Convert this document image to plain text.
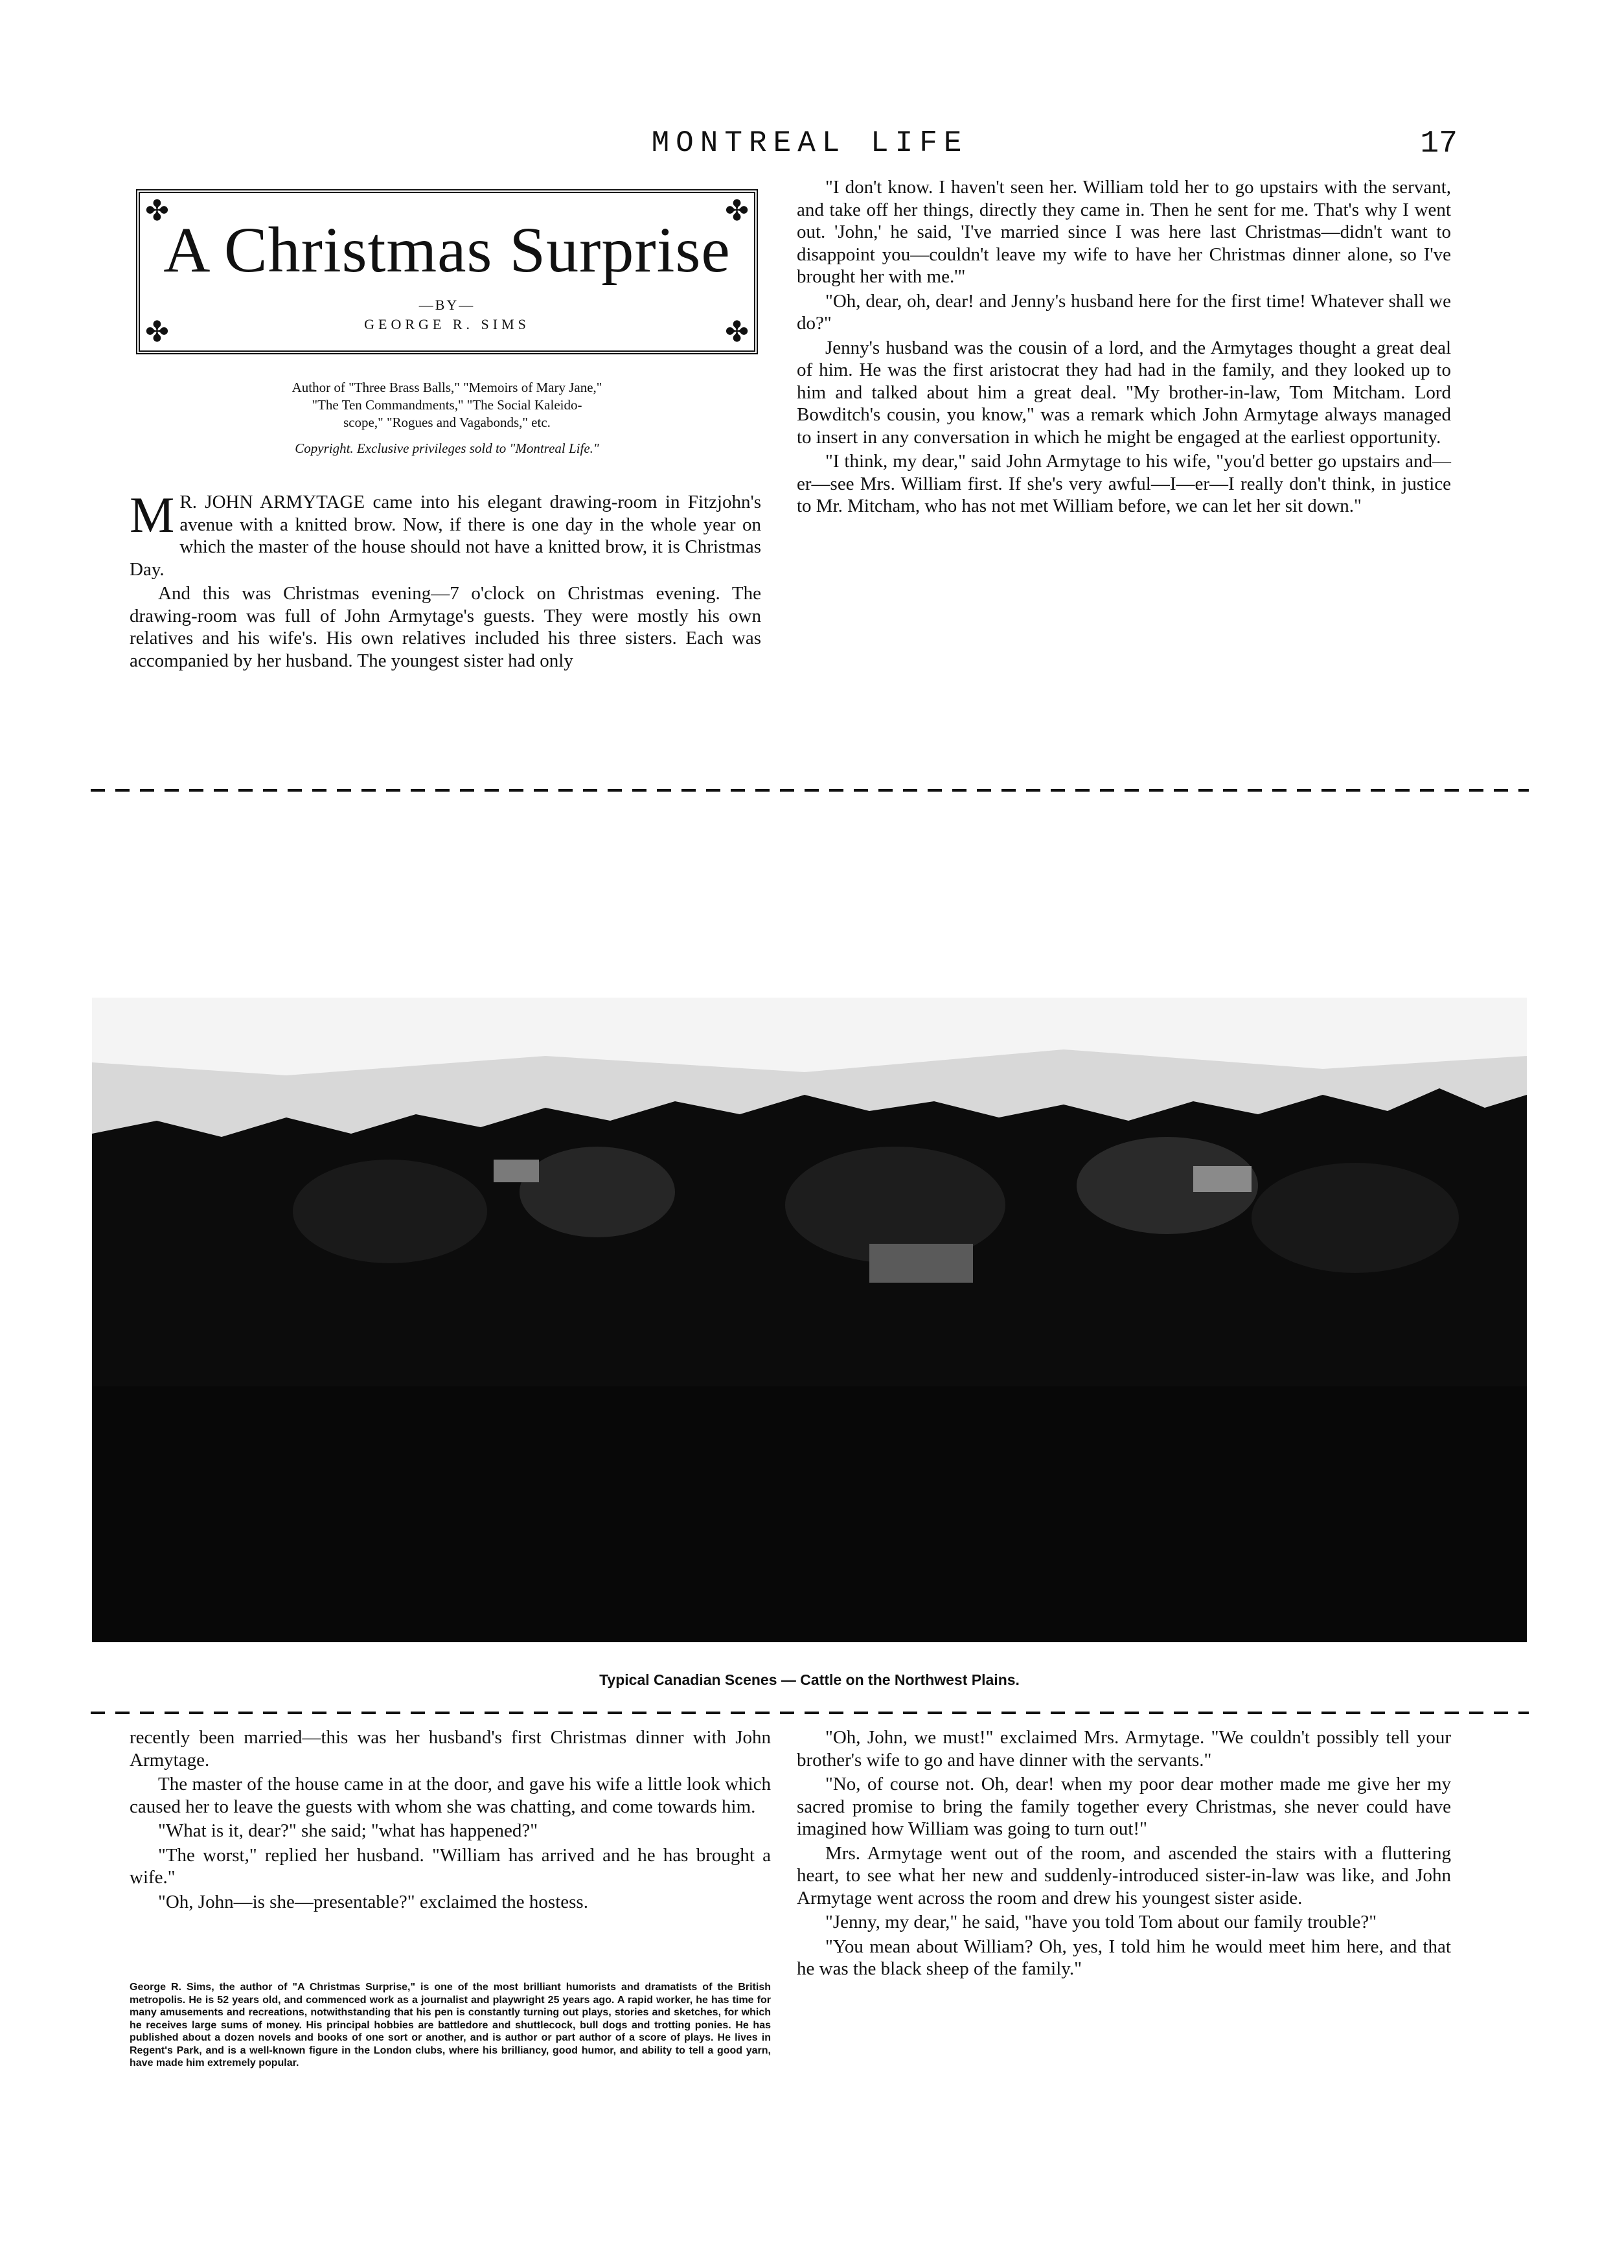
MONTREAL LIFE	17
✤	✤
✤	✤
A Christmas Surprise
—BY—
GEORGE R. SIMS
Author of "Three Brass Balls," "Memoirs of Mary Jane,"
"The Ten Commandments," "The Social Kaleido-
scope," "Rogues and Vagabonds," etc.
Copyright. Exclusive privileges sold to "Montreal Life."

M R. JOHN ARMYTAGE came into his elegant drawing-room in Fitzjohn's avenue with a knitted brow. Now, if there is one day in the whole year on which the master of the house should not have a knitted brow, it is Christmas Day.

And this was Christmas evening—7 o'clock on Christmas evening. The drawing-room was full of John Armytage's guests. They were mostly his own relatives and his wife's. His own relatives included his three sisters. Each was accompanied by her husband. The youngest sister had only

"I don't know. I haven't seen her. William told her to go upstairs with the servant, and take off her things, directly they came in. Then he sent for me. That's why I went out. 'John,' he said, 'I've married since I was here last Christmas—didn't want to disappoint you—couldn't leave my wife to have her Christmas dinner alone, so I've brought her with me.'"

"Oh, dear, oh, dear! and Jenny's husband here for the first time! Whatever shall we do?"

Jenny's husband was the cousin of a lord, and the Armytages thought a great deal of him. He was the first aristocrat they had had in the family, and they looked up to him and talked about him a great deal. "My brother-in-law, Tom Mitcham. Lord Bowditch's cousin, you know," was a remark which John Armytage always managed to insert in any conversation in which he might be engaged at the earliest opportunity.

"I think, my dear," said John Armytage to his wife, "you'd better go upstairs and—er—see Mrs. William first. If she's very awful—I—er—I really don't think, in justice to Mr. Mitcham, who has not met William before, we can let her sit down."

Typical Canadian Scenes — Cattle on the Northwest Plains.

recently been married—this was her husband's first Christmas dinner with John Armytage.

The master of the house came in at the door, and gave his wife a little look which caused her to leave the guests with whom she was chatting, and come towards him.

"What is it, dear?" she said; "what has happened?"

"The worst," replied her husband. "William has arrived and he has brought a wife."

"Oh, John—is she—presentable?" exclaimed the hostess.

George R. Sims, the author of "A Christmas Surprise," is one of the most brilliant humorists and dramatists of the British metropolis. He is 52 years old, and commenced work as a journalist and playwright 25 years ago. A rapid worker, he has time for many amusements and recreations, notwithstanding that his pen is constantly turning out plays, stories and sketches, for which he receives large sums of money. His principal hobbies are battledore and shuttlecock, bull dogs and trotting ponies. He has published about a dozen novels and books of one sort or another, and is author or part author of a score of plays. He lives in Regent's Park, and is a well-known figure in the London clubs, where his brilliancy, good humor, and ability to tell a good yarn, have made him extremely popular.

"Oh, John, we must!" exclaimed Mrs. Armytage. "We couldn't possibly tell your brother's wife to go and have dinner with the servants."

"No, of course not. Oh, dear! when my poor dear mother made me give her my sacred promise to bring the family together every Christmas, she never could have imagined how William was going to turn out!"

Mrs. Armytage went out of the room, and ascended the stairs with a fluttering heart, to see what her new and suddenly-introduced sister-in-law was like, and John Armytage went across the room and drew his youngest sister aside.

"Jenny, my dear," he said, "have you told Tom about our family trouble?"

"You mean about William? Oh, yes, I told him he would meet him here, and that he was the black sheep of the family."
